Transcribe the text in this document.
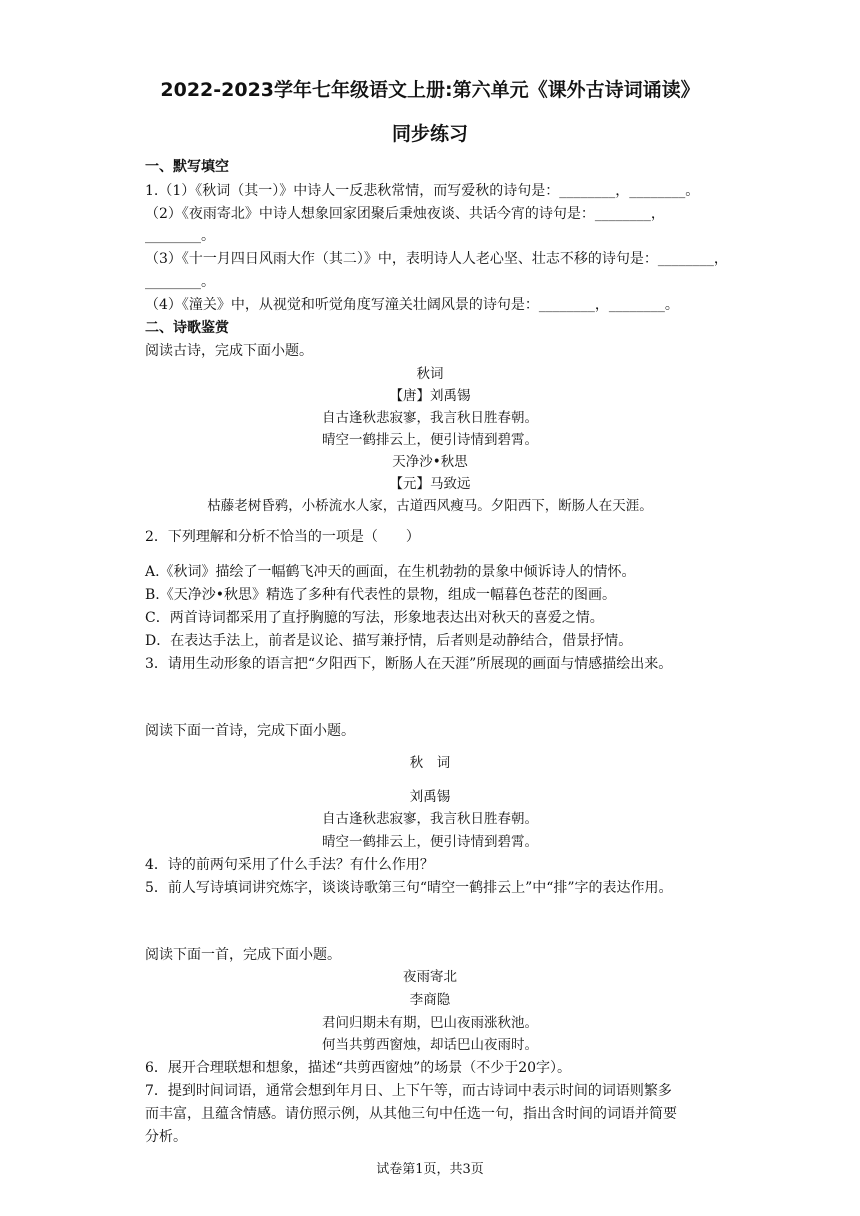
2022-2023学年七年级语文上册:第六单元《课外古诗词诵读》
同步练习
一、默写填空
1.（1）《秋词（其一）》中诗人一反悲秋常情，而写爱秋的诗句是：________，________。
（2）《夜雨寄北》中诗人想象回家团聚后秉烛夜谈、共话今宵的诗句是：________，
________。
（3）《十一月四日风雨大作（其二）》中，表明诗人人老心坚、壮志不移的诗句是：________，
________。
（4）《潼关》中，从视觉和听觉角度写潼关壮阔风景的诗句是：________，________。
二、诗歌鉴赏
阅读古诗，完成下面小题。
秋词
【唐】刘禹锡
自古逢秋悲寂寥，我言秋日胜春朝。
晴空一鹤排云上，便引诗情到碧霄。
天净沙•秋思
【元】马致远
枯藤老树昏鸦，小桥流水人家，古道西风瘦马。夕阳西下，断肠人在天涯。
2．下列理解和分析不恰当的一项是（　　）
A.《秋词》描绘了一幅鹤飞冲天的画面，在生机勃勃的景象中倾诉诗人的情怀。
B.《天净沙•秋思》精选了多种有代表性的景物，组成一幅暮色苍茫的图画。
C．两首诗词都采用了直抒胸臆的写法，形象地表达出对秋天的喜爱之情。
D．在表达手法上，前者是议论、描写兼抒情，后者则是动静结合，借景抒情。
3．请用生动形象的语言把“夕阳西下，断肠人在天涯”所展现的画面与情感描绘出来。
阅读下面一首诗，完成下面小题。
秋　词
刘禹锡
自古逢秋悲寂寥，我言秋日胜春朝。
晴空一鹤排云上，便引诗情到碧霄。
4．诗的前两句采用了什么手法？有什么作用？
5．前人写诗填词讲究炼字，谈谈诗歌第三句“晴空一鹤排云上”中“排”字的表达作用。
阅读下面一首，完成下面小题。
夜雨寄北
李商隐
君问归期未有期，巴山夜雨涨秋池。
何当共剪西窗烛，却话巴山夜雨时。
6．展开合理联想和想象，描述“共剪西窗烛”的场景（不少于20字）。
7．提到时间词语，通常会想到年月日、上下午等，而古诗词中表示时间的词语则繁多
而丰富，且蕴含情感。请仿照示例，从其他三句中任选一句，指出含时间的词语并简要
分析。
试卷第1页，共3页
